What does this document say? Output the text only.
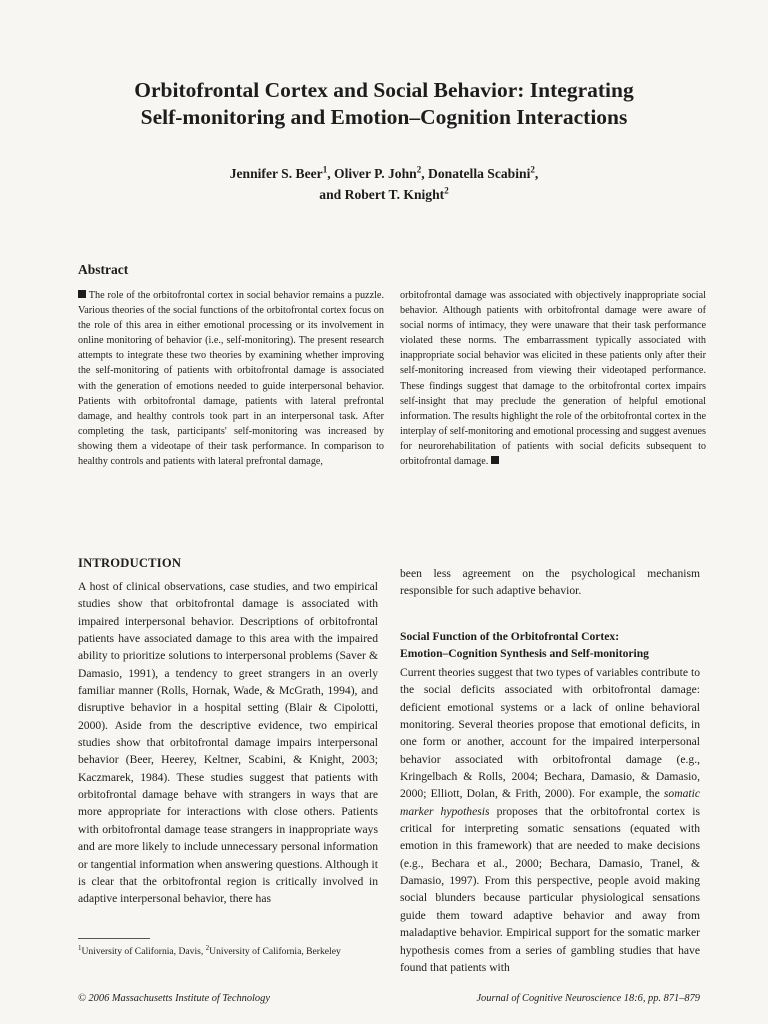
Orbitofrontal Cortex and Social Behavior: Integrating
Self-monitoring and Emotion–Cognition Interactions
Jennifer S. Beer$^1$, Oliver P. John$^2$, Donatella Scabini$^2$,
and Robert T. Knight$^2$
Abstract
The role of the orbitofrontal cortex in social behavior remains a puzzle. Various theories of the social functions of the orbitofrontal cortex focus on the role of this area in either emotional processing or its involvement in online monitoring of behavior (i.e., self-monitoring). The present research attempts to integrate these two theories by examining whether improving the self-monitoring of patients with orbitofrontal damage is associated with the generation of emotions needed to guide interpersonal behavior. Patients with orbitofrontal damage, patients with lateral prefrontal damage, and healthy controls took part in an interpersonal task. After completing the task, participants' self-monitoring was increased by showing them a videotape of their task performance. In comparison to healthy controls and patients with lateral prefrontal damage,
orbitofrontal damage was associated with objectively inappropriate social behavior. Although patients with orbitofrontal damage were aware of social norms of intimacy, they were unaware that their task performance violated these norms. The embarrassment typically associated with inappropriate social behavior was elicited in these patients only after their self-monitoring increased from viewing their videotaped performance. These findings suggest that damage to the orbitofrontal cortex impairs self-insight that may preclude the generation of helpful emotional information. The results highlight the role of the orbitofrontal cortex in the interplay of self-monitoring and emotional processing and suggest avenues for neurorehabilitation of patients with social deficits subsequent to orbitofrontal damage.
INTRODUCTION
A host of clinical observations, case studies, and two empirical studies show that orbitofrontal damage is associated with impaired interpersonal behavior. Descriptions of orbitofrontal patients have associated damage to this area with the impaired ability to prioritize solutions to interpersonal problems (Saver & Damasio, 1991), a tendency to greet strangers in an overly familiar manner (Rolls, Hornak, Wade, & McGrath, 1994), and disruptive behavior in a hospital setting (Blair & Cipolotti, 2000). Aside from the descriptive evidence, two empirical studies show that orbitofrontal damage impairs interpersonal behavior (Beer, Heerey, Keltner, Scabini, & Knight, 2003; Kaczmarek, 1984). These studies suggest that patients with orbitofrontal damage behave with strangers in ways that are more appropriate for interactions with close others. Patients with orbitofrontal damage tease strangers in inappropriate ways and are more likely to include unnecessary personal information or tangential information when answering questions. Although it is clear that the orbitofrontal region is critically involved in adaptive interpersonal behavior, there has
been less agreement on the psychological mechanism responsible for such adaptive behavior.
Social Function of the Orbitofrontal Cortex:
Emotion–Cognition Synthesis and Self-monitoring
Current theories suggest that two types of variables contribute to the social deficits associated with orbitofrontal damage: deficient emotional systems or a lack of online behavioral monitoring. Several theories propose that emotional deficits, in one form or another, account for the impaired interpersonal behavior associated with orbitofrontal damage (e.g., Kringelbach & Rolls, 2004; Bechara, Damasio, & Damasio, 2000; Elliott, Dolan, & Frith, 2000). For example, the somatic marker hypothesis proposes that the orbitofrontal cortex is critical for interpreting somatic sensations (equated with emotion in this framework) that are needed to make decisions (e.g., Bechara et al., 2000; Bechara, Damasio, Tranel, & Damasio, 1997). From this perspective, people avoid making social blunders because particular physiological sensations guide them toward adaptive behavior and away from maladaptive behavior. Empirical support for the somatic marker hypothesis comes from a series of gambling studies that have found that patients with
$^1$University of California, Davis, $^2$University of California, Berkeley
© 2006 Massachusetts Institute of Technology	Journal of Cognitive Neuroscience 18:6, pp. 871–879
